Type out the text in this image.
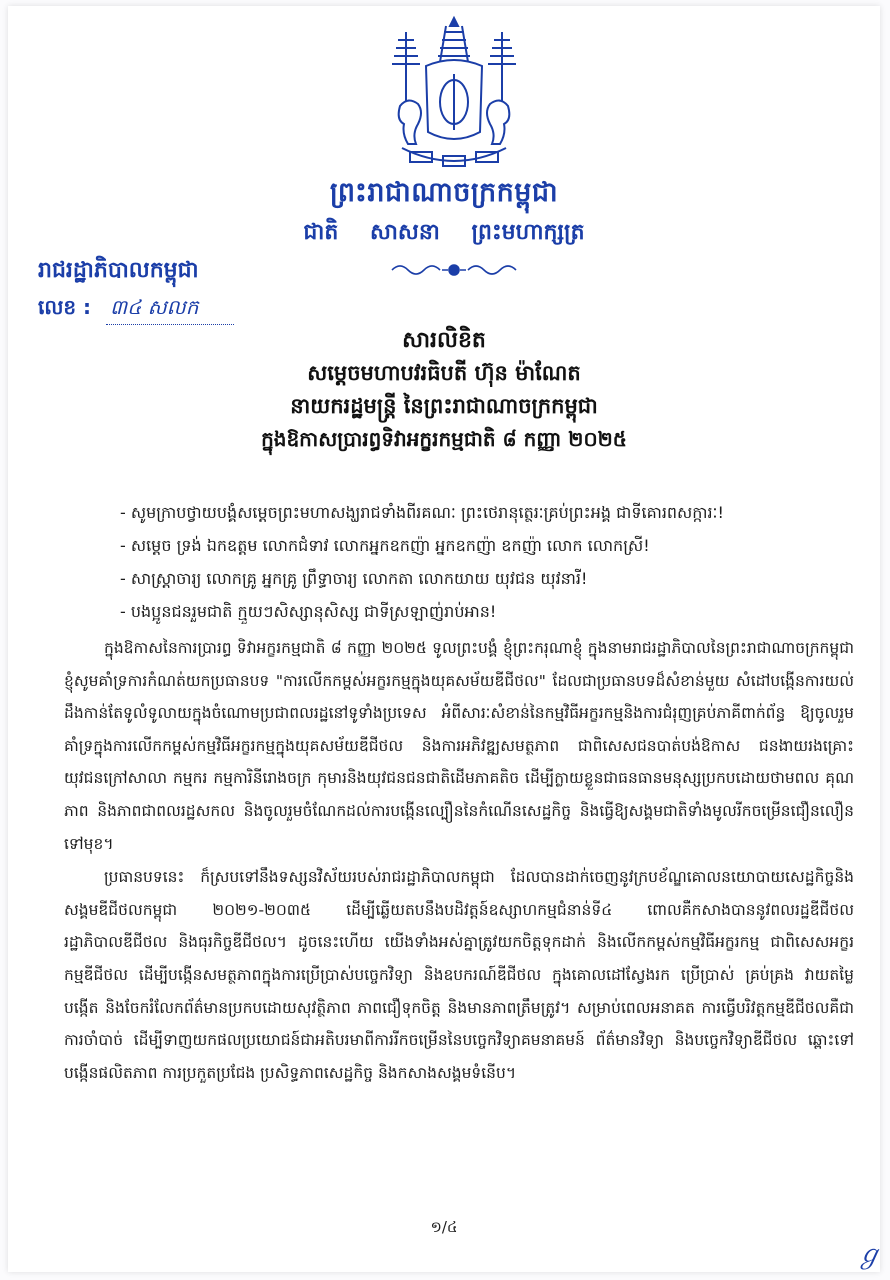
ព្រះរាជាណាចក្រកម្ពុជា
ជាតិ សាសនា ព្រះមហាក្សត្រ
រាជរដ្ឋាភិបាលកម្ពុជា
លេខ : ៣៤ សលក
សារលិខិត
សម្តេចមហាបវរធិបតី ហ៊ុន ម៉ាណែត
នាយករដ្ឋមន្ត្រី នៃព្រះរាជាណាចក្រកម្ពុជា
ក្នុងឱកាសប្រារព្ធទិវាអក្ខរកម្មជាតិ ៨ កញ្ញា ២០២៥
- សូមក្រាបថ្វាយបង្គំសម្តេចព្រះមហាសង្ឃរាជទាំងពីរគណៈ ព្រះថេរានុត្ថេរៈគ្រប់ព្រះអង្គ ជាទីគោរពសក្ការៈ!
- សម្តេច ទ្រង់ ឯកឧត្តម លោកជំទាវ លោកអ្នកឧកញ៉ា អ្នកឧកញ៉ា ឧកញ៉ា លោក លោកស្រី!
- សាស្ត្រាចារ្យ លោកគ្រូ អ្នកគ្រូ ព្រឹទ្ធាចារ្យ លោកតា លោកយាយ យុវជន យុវនារី!
- បងប្អូនជនរួមជាតិ ក្មួយៗសិស្សានុសិស្ស ជាទីស្រឡាញ់រាប់អាន!

ក្នុងឱកាសនៃការប្រារព្ធ ទិវាអក្ខរកម្មជាតិ ៨ កញ្ញា ២០២៥ ទូលព្រះបង្គំ ខ្ញុំព្រះករុណាខ្ញុំ ក្នុងនាមរាជរដ្ឋាភិបាលនៃព្រះរាជាណាចក្រកម្ពុជា ខ្ញុំសូមគាំទ្រការកំណត់យកប្រធានបទ "ការលើកកម្ពស់អក្ខរកម្មក្នុងយុគសម័យឌីជីថល" ដែលជាប្រធានបទដ៏សំខាន់មួយ សំដៅបង្កើនការយល់ដឹងកាន់តែទូលំទូលាយក្នុងចំណោមប្រជាពលរដ្ឋនៅទូទាំងប្រទេស អំពីសារៈសំខាន់នៃកម្មវិធីអក្ខរកម្មនិងការជំរុញគ្រប់ភាគីពាក់ព័ន្ធ ឱ្យចូលរួមគាំទ្រក្នុងការលើកកម្ពស់កម្មវិធីអក្ខរកម្មក្នុងយុគសម័យឌីជីថល និងការអភិវឌ្ឍសមត្ថភាព ជាពិសេសជនបាត់បង់ឱកាស ជនងាយរងគ្រោះ យុវជនក្រៅសាលា កម្មករ កម្មការិនីរោងចក្រ កុមារនិងយុវជនជនជាតិដើមភាគតិច ដើម្បីក្លាយខ្លួនជាធនធានមនុស្សប្រកបដោយថាមពល គុណភាព និងភាពជាពលរដ្ឋសកល និងចូលរួមចំណែកដល់ការបង្កើនល្បឿននៃកំណើនសេដ្ឋកិច្ច និងធ្វើឱ្យសង្គមជាតិទាំងមូលរីកចម្រើនជឿនលឿនទៅមុខ។

ប្រធានបទនេះ ក៏ស្របទៅនឹងទស្សនវិស័យរបស់រាជរដ្ឋាភិបាលកម្ពុជា ដែលបានដាក់ចេញនូវក្របខ័ណ្ឌគោលនយោបាយសេដ្ឋកិច្ចនិងសង្គមឌីជីថលកម្ពុជា ២០២១-២០៣៥ ដើម្បីឆ្លើយតបនឹងបដិវត្តន៍ឧស្សាហកម្មជំនាន់ទី៤ ពោលគឺកសាងបាននូវពលរដ្ឋឌីជីថល រដ្ឋាភិបាលឌីជីថល និងធុរកិច្ចឌីជីថល។ ដូចនេះហើយ យើងទាំងអស់គ្នាត្រូវយកចិត្តទុកដាក់ និងលើកកម្ពស់កម្មវិធីអក្ខរកម្ម ជាពិសេសអក្ខរកម្មឌីជីថល ដើម្បីបង្កើនសមត្ថភាពក្នុងការប្រើប្រាស់បច្ចេកវិទ្យា និងឧបករណ៍ឌីជីថល ក្នុងគោលដៅស្វែងរក ប្រើប្រាស់ គ្រប់គ្រង វាយតម្លៃ បង្កើត និងចែករំលែកព័ត៌មានប្រកបដោយសុវត្ថិភាព ភាពជឿទុកចិត្ត និងមានភាពត្រឹមត្រូវ។ សម្រាប់ពេលអនាគត ការធ្វើបរិវត្តកម្មឌីជីថលគឺជាការចាំបាច់ ដើម្បីទាញយកផលប្រយោជន៍ជាអតិបរមាពីការរីកចម្រើននៃបច្ចេកវិទ្យាគមនាគមន៍ ព័ត៌មានវិទ្យា និងបច្ចេកវិទ្យាឌីជីថល ឆ្ពោះទៅបង្កើនផលិតភាព ការប្រកួតប្រជែង ប្រសិទ្ធភាពសេដ្ឋកិច្ច និងកសាងសង្គមទំនើប។

១/៤
ℊ
